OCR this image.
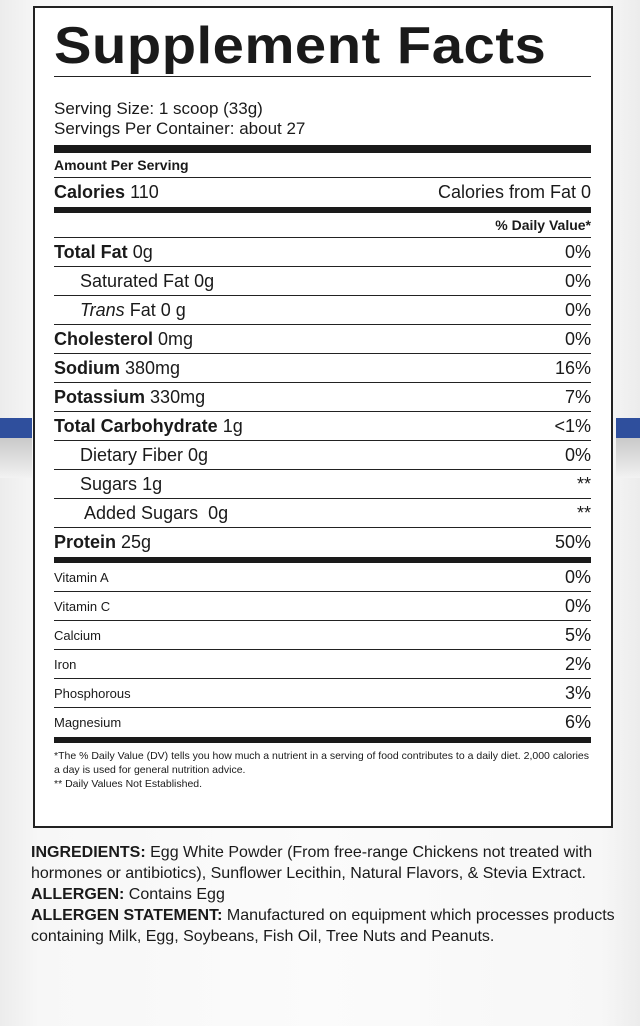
Supplement Facts
Serving Size: 1 scoop (33g)
Servings Per Container: about 27
Amount Per Serving
Calories 110	Calories from Fat 0
% Daily Value*
Total Fat 0g	0%
Saturated Fat 0g	0%
Trans Fat 0 g	0%
Cholesterol 0mg	0%
Sodium 380mg	16%
Potassium 330mg	7%
Total Carbohydrate 1g	<1%
Dietary Fiber 0g	0%
Sugars 1g	**
Added Sugars 0g	**
Protein 25g	50%
Vitamin A	0%
Vitamin C	0%
Calcium	5%
Iron	2%
Phosphorous	3%
Magnesium	6%
*The % Daily Value (DV) tells you how much a nutrient in a serving of food contributes to a daily diet. 2,000 calories a day is used for general nutrition advice.
** Daily Values Not Established.

INGREDIENTS: Egg White Powder (From free-range Chickens not treated with hormones or antibiotics), Sunflower Lecithin, Natural Flavors, & Stevia Extract.

ALLERGEN: Contains Egg

ALLERGEN STATEMENT: Manufactured on equipment which processes products containing Milk, Egg, Soybeans, Fish Oil, Tree Nuts and Peanuts.
